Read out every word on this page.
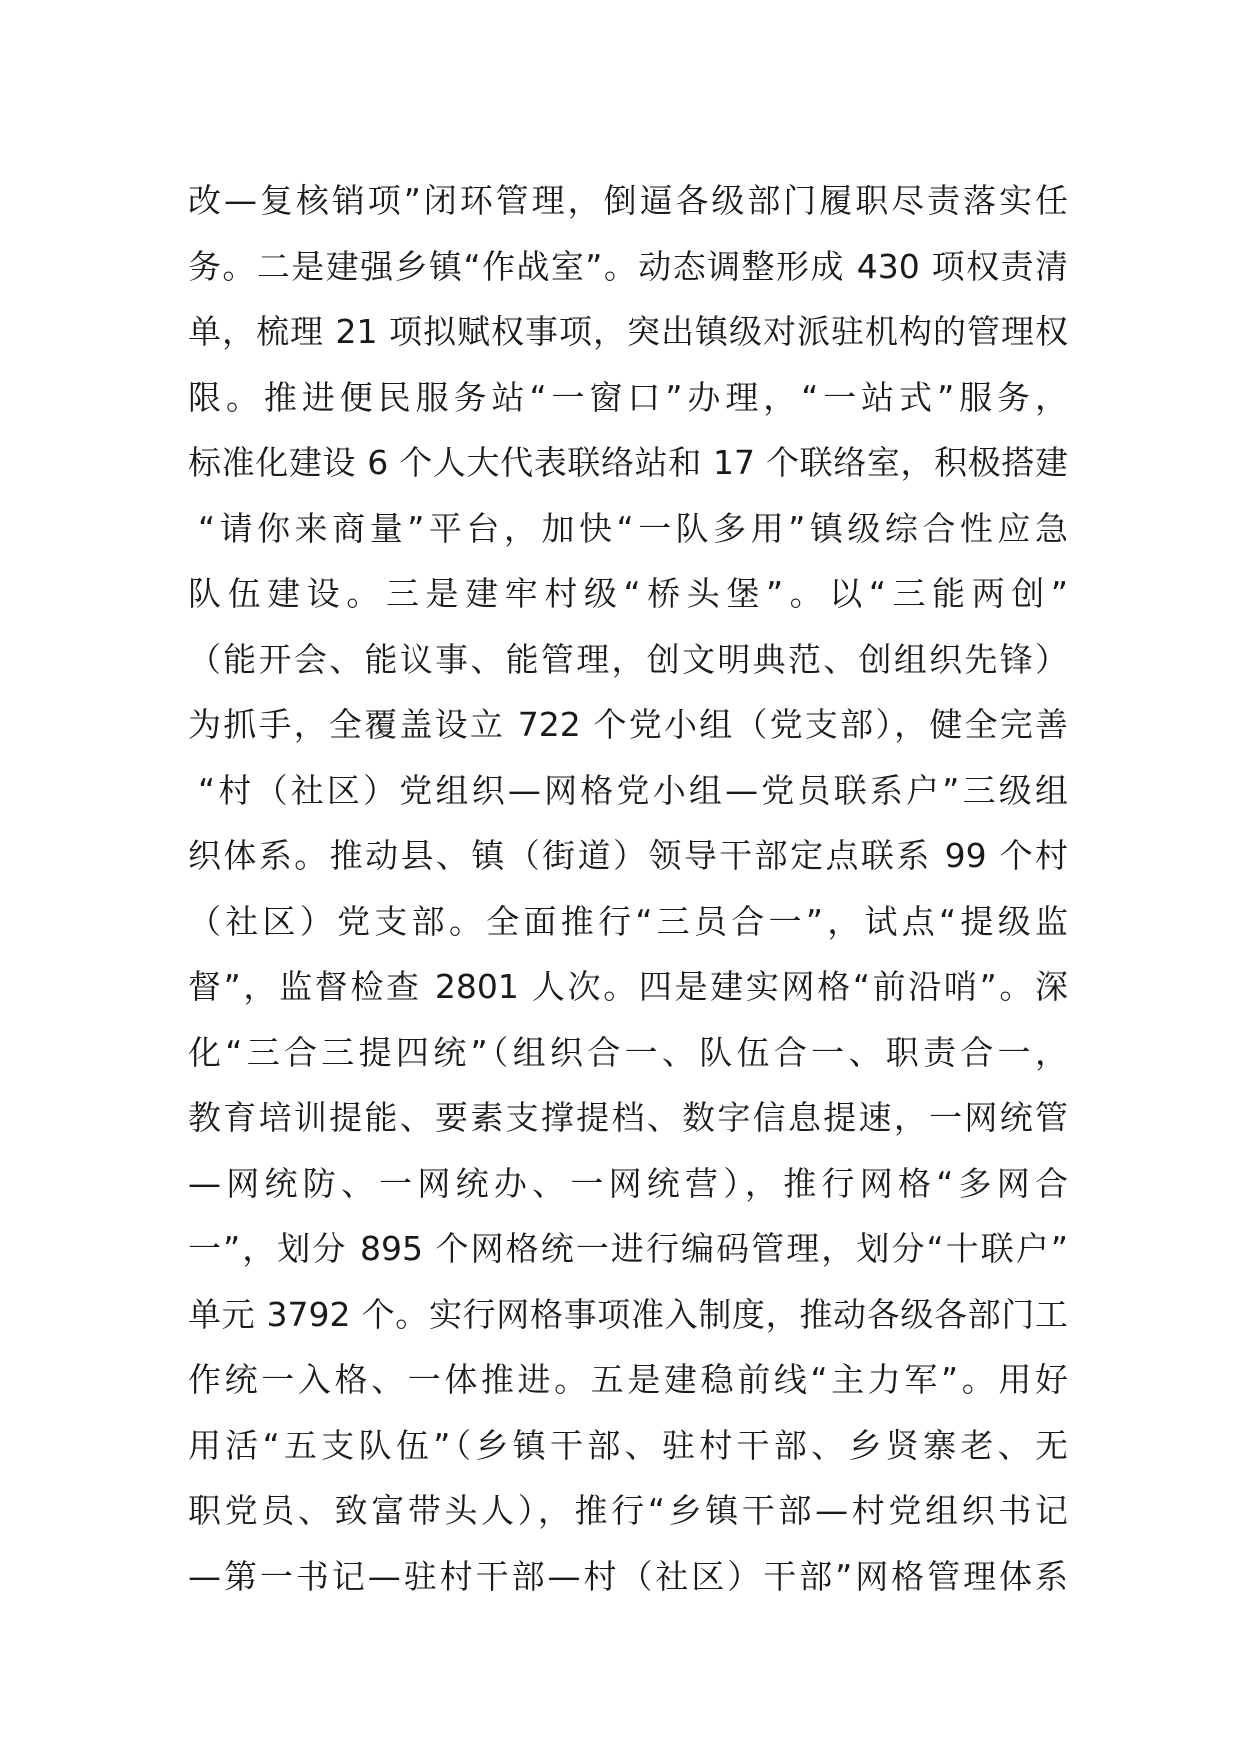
改—复核销项”闭环管理，倒逼各级部门履职尽责落实任
务。二是建强乡镇“作战室”。动态调整形成 430 项权责清
单，梳理 21 项拟赋权事项，突出镇级对派驻机构的管理权
限。推进便民服务站“一窗口”办理，“一站式”服务，
标准化建设 6 个人大代表联络站和 17 个联络室，积极搭建
“请你来商量”平台，加快“一队多用”镇级综合性应急
队伍建设。三是建牢村级“桥头堡”。以“三能两创”
（能开会、能议事、能管理，创文明典范、创组织先锋）
为抓手，全覆盖设立 722 个党小组（党支部），健全完善
“村（社区）党组织—网格党小组—党员联系户”三级组
织体系。推动县、镇（街道）领导干部定点联系 99 个村
（社区）党支部。全面推行“三员合一”，试点“提级监
督”，监督检查 2801 人次。四是建实网格“前沿哨”。深
化“三合三提四统”（组织合一、队伍合一、职责合一，
教育培训提能、要素支撑提档、数字信息提速，一网统管
—网统防、一网统办、一网统营），推行网格“多网合
一”，划分 895 个网格统一进行编码管理，划分“十联户”
单元 3792 个。实行网格事项准入制度，推动各级各部门工
作统一入格、一体推进。五是建稳前线“主力军”。用好
用活“五支队伍”（乡镇干部、驻村干部、乡贤寨老、无
职党员、致富带头人），推行“乡镇干部—村党组织书记
—第一书记—驻村干部—村（社区）干部”网格管理体系
